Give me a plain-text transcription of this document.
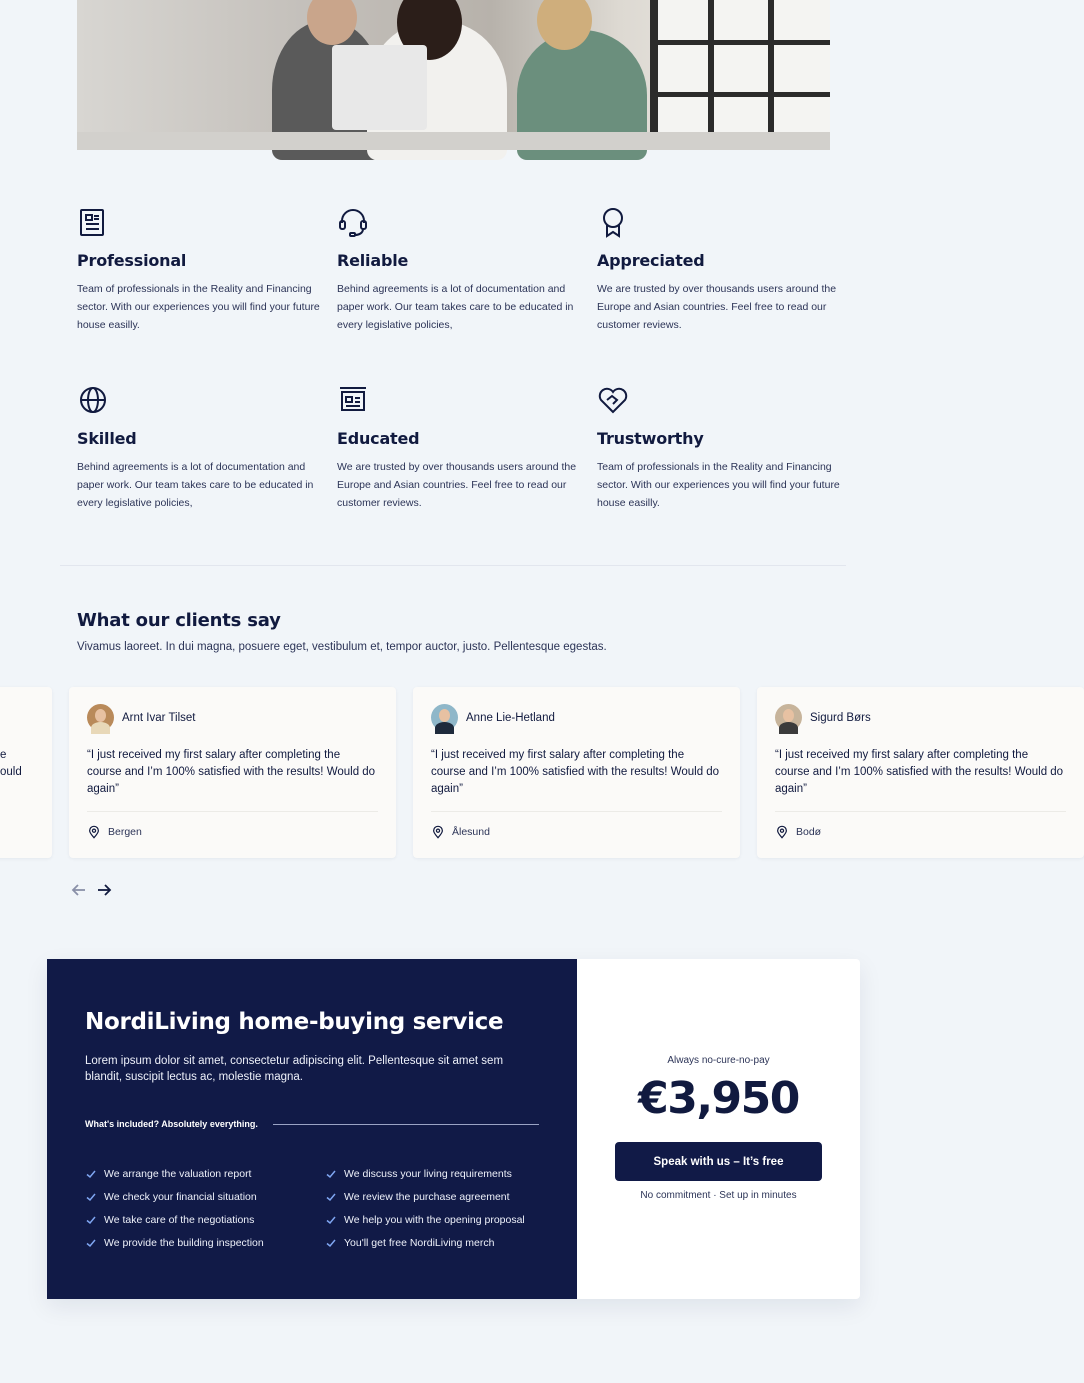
Professional

Team of professionals in the Reality and Financing sector. With our experiences you will find your future house easilly.

Reliable

Behind agreements is a lot of documentation and paper work. Our team takes care to be educated in every legislative policies,

Appreciated

We are trusted by over thousands users around the Europe and Asian countries. Feel free to read our customer reviews.

Skilled

Behind agreements is a lot of documentation and paper work. Our team takes care to be educated in every legislative policies,

Educated

We are trusted by over thousands users around the Europe and Asian countries. Feel free to read our customer reviews.

Trustworthy

Team of professionals in the Reality and Financing sector. With our experiences you will find your future house easilly.

What our clients say

Vivamus laoreet. In dui magna, posuere eget, vestibulum et, tempor auctor, justo. Pellentesque egestas.

e
ould
Arnt Ivar Tilset

“I just received my first salary after completing the course and I’m 100% satisfied with the results! Would do again”

Bergen
Anne Lie-Hetland

“I just received my first salary after completing the course and I’m 100% satisfied with the results! Would do again”

Ålesund
Sigurd Børs

“I just received my first salary after completing the course and I’m 100% satisfied with the results! Would do again”

Bodø
NordiLiving home-buying service

Lorem ipsum dolor sit amet, consectetur adipiscing elit. Pellentesque sit amet sem blandit, suscipit lectus ac, molestie magna.

What's included? Absolutely everything.
We arrange the valuation report
We check your financial situation
We take care of the negotiations
We provide the building inspection
We discuss your living requirements
We review the purchase agreement
We help you with the opening proposal
You'll get free NordiLiving merch
Always no-cure-no-pay
€3,950
Speak with us – It’s free
No commitment · Set up in minutes
